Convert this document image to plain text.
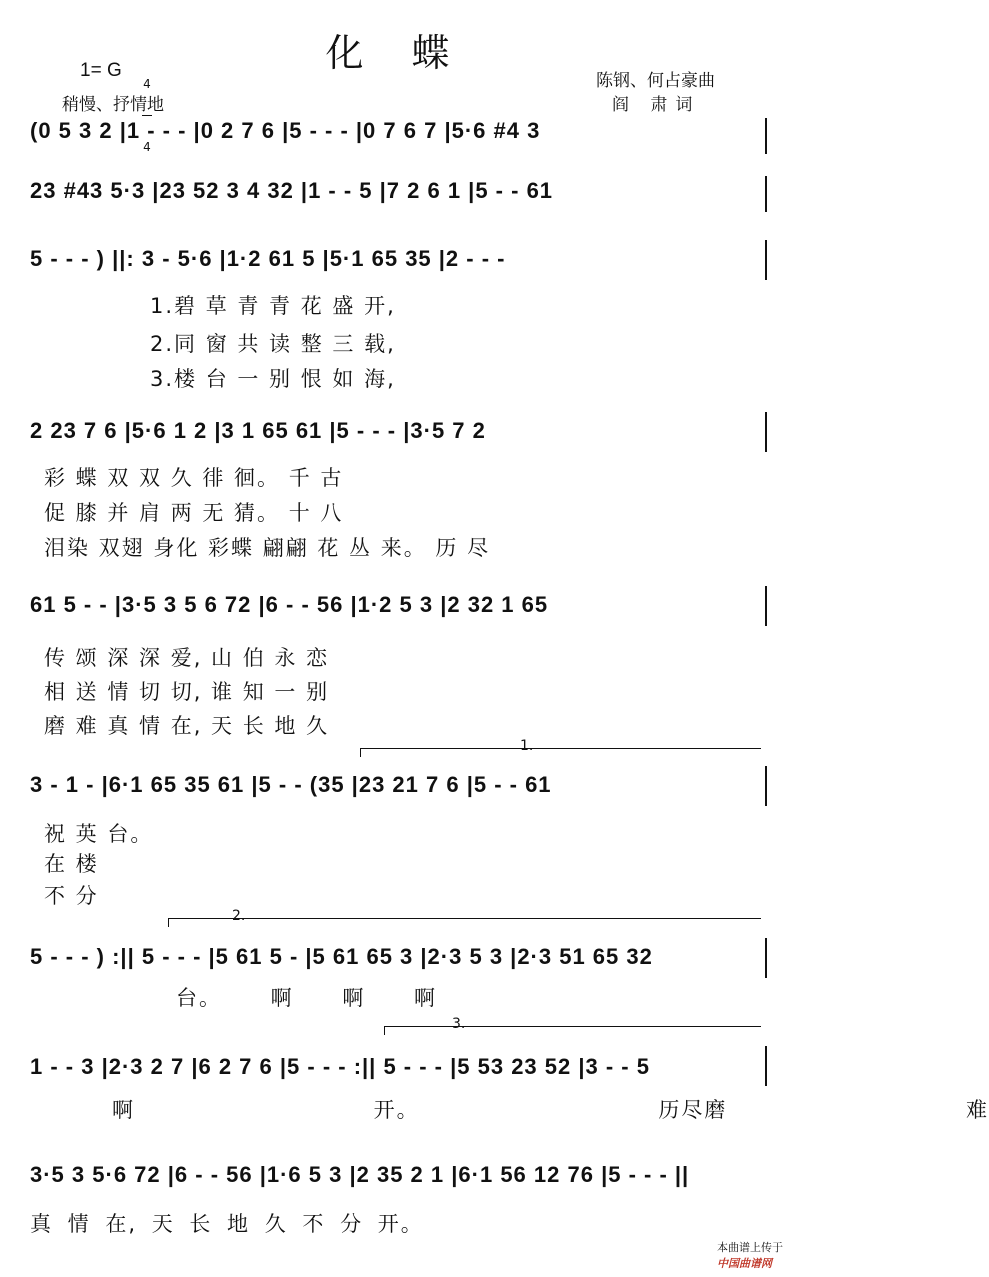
化 蝶
1= G

4

4

稍慢、抒情地
陈钢、何占豪曲
阎 肃词
(0 5 3 2 |1 - - - |0 2 7 6 |5 - - - |0 7 6 7 |5·6 #4 3
23 #43 5·3 |23 52 3 4 32 |1 - - 5 |7 2 6 1 |5 - - 61
5 - - - ) ||: 3 - 5·6 |1·2 61 5 |5·1 65 35 |2 - - -
1.碧 草 青 青 花 盛 开,
2.同 窗 共 读 整 三 载,
3.楼 台 一 别 恨 如 海,
2 23 7 6 |5·6 1 2 |3 1 65 61 |5 - - - |3·5 7 2
彩 蝶 双 双 久 徘 徊。 千 古
促 膝 并 肩 两 无 猜。 十 八
泪染 双翅 身化 彩蝶 翩翩 花 丛 来。 历 尽
61 5 - - |3·5 3 5 6 72 |6 - - 56 |1·2 5 3 |2 32 1 65
传 颂 深 深 爱, 山 伯 永 恋
相 送 情 切 切, 谁 知 一 别
磨 难 真 情 在, 天 长 地 久
1.
3 - 1 - |6·1 65 35 61 |5 - - (35 |23 21 7 6 |5 - - 61
祝 英 台。
在 楼
不 分
2.
5 - - - ) :|| 5 - - - |5 61 5 - |5 61 65 3 |2·3 5 3 |2·3 51 65 32
台。 啊 啊 啊
3.
1 - - 3 |2·3 2 7 |6 2 7 6 |5 - - - :|| 5 - - - |5 53 23 52 |3 - - 5
啊 开。 历尽磨 难
3·5 3 5·6 72 |6 - - 56 |1·6 5 3 |2 35 2 1 |6·1 56 12 76 |5 - - - ||
真 情 在, 天 长 地 久 不 分 开。

本曲谱上传于
中国曲谱网
